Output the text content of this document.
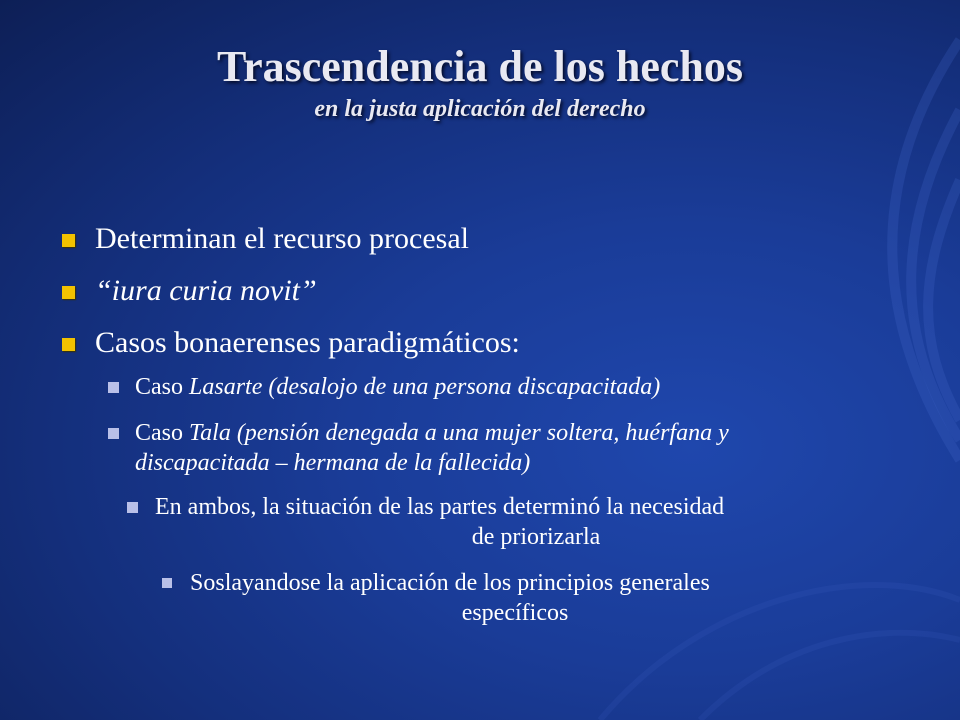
Trascendencia de los hechos
en la justa aplicación del derecho
Determinan el recurso procesal
“iura curia novit”
Casos bonaerenses paradigmáticos:
Caso Lasarte (desalojo de una persona discapacitada)
Caso Tala (pensión denegada a una mujer soltera, huérfana y
discapacitada – hermana de la fallecida)
En ambos, la situación de las partes determinó la necesidad
de priorizarla
Soslayandose la aplicación de los principios generales
específicos
